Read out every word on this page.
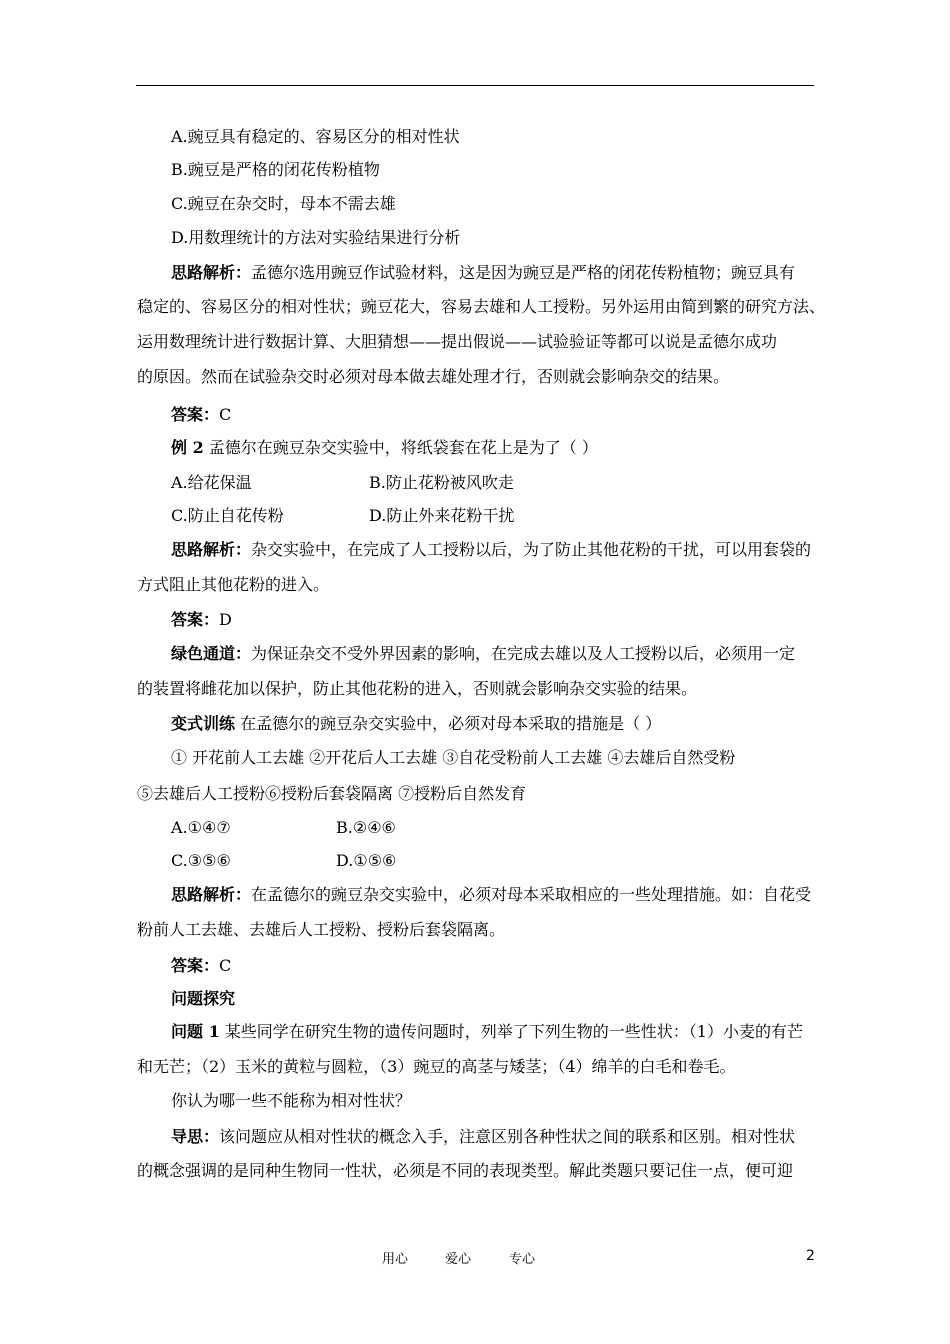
A.豌豆具有稳定的、容易区分的相对性状
B.豌豆是严格的闭花传粉植物
C.豌豆在杂交时，母本不需去雄
D.用数理统计的方法对实验结果进行分析
思路解析：孟德尔选用豌豆作试验材料，这是因为豌豆是严格的闭花传粉植物；豌豆具有
稳定的、容易区分的相对性状；豌豆花大，容易去雄和人工授粉。另外运用由简到繁的研究方法、
运用数理统计进行数据计算、大胆猜想——提出假说——试验验证等都可以说是孟德尔成功
的原因。然而在试验杂交时必须对母本做去雄处理才行，否则就会影响杂交的结果。
答案：C
例 2 孟德尔在豌豆杂交实验中，将纸袋套在花上是为了（ ）
A.给花保温	B.防止花粉被风吹走
C.防止自花传粉	D.防止外来花粉干扰
思路解析：杂交实验中，在完成了人工授粉以后，为了防止其他花粉的干扰，可以用套袋的
方式阻止其他花粉的进入。
答案：D
绿色通道：为保证杂交不受外界因素的影响，在完成去雄以及人工授粉以后，必须用一定
的装置将雌花加以保护，防止其他花粉的进入，否则就会影响杂交实验的结果。
变式训练 在孟德尔的豌豆杂交实验中，必须对母本采取的措施是（ ）
① 开花前人工去雄 ②开花后人工去雄 ③自花受粉前人工去雄 ④去雄后自然受粉
⑤去雄后人工授粉⑥授粉后套袋隔离 ⑦授粉后自然发育
A.①④⑦	B.②④⑥
C.③⑤⑥	D.①⑤⑥
思路解析：在孟德尔的豌豆杂交实验中，必须对母本采取相应的一些处理措施。如：自花受
粉前人工去雄、去雄后人工授粉、授粉后套袋隔离。
答案：C
问题探究
问题 1 某些同学在研究生物的遗传问题时，列举了下列生物的一些性状：（1）小麦的有芒
和无芒；（2）玉米的黄粒与圆粒，（3）豌豆的高茎与矮茎；（4）绵羊的白毛和卷毛。
你认为哪一些不能称为相对性状？
导思：该问题应从相对性状的概念入手，注意区别各种性状之间的联系和区别。相对性状
的概念强调的是同种生物同一性状，必须是不同的表现类型。解此类题只要记住一点，便可迎
用心	爱心	专心	2
